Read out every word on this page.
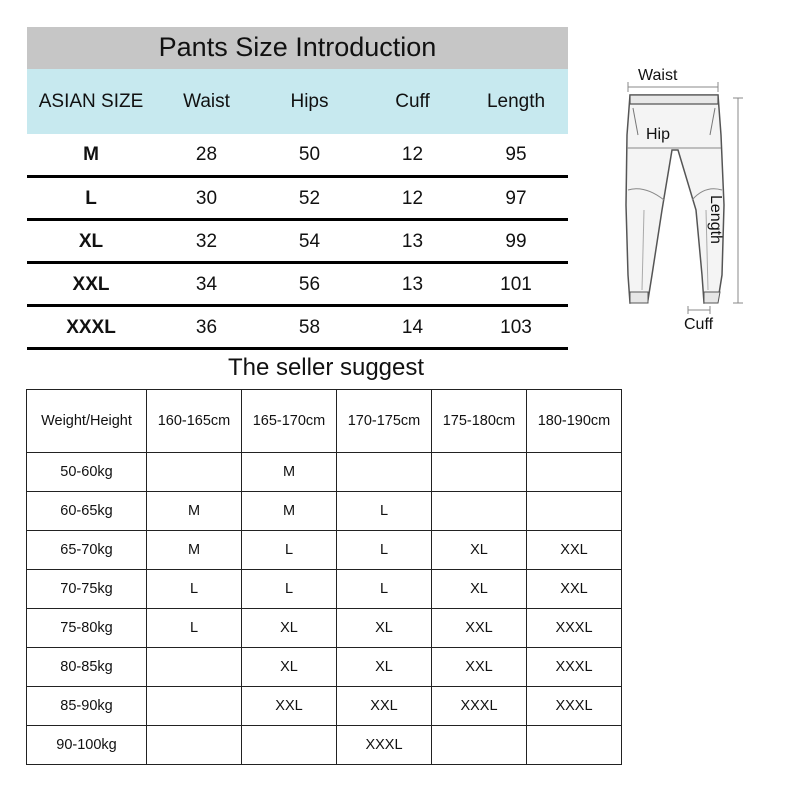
Pants Size Introduction
ASIAN SIZE	Waist	Hips	Cuff	Length
M	28	50	12	95
L	30	52	12	97
XL	32	54	13	99
XXL	34	56	13	101
XXXL	36	58	14	103
Waist
Hip
Length
Cuff
The seller suggest
Weight/Height	160-165cm	165-170cm	170-175cm	175-180cm	180-190cm
50-60kg		M			
60-65kg	M	M	L		
65-70kg	M	L	L	XL	XXL
70-75kg	L	L	L	XL	XXL
75-80kg	L	XL	XL	XXL	XXXL
80-85kg		XL	XL	XXL	XXXL
85-90kg		XXL	XXL	XXXL	XXXL
90-100kg			XXXL		
